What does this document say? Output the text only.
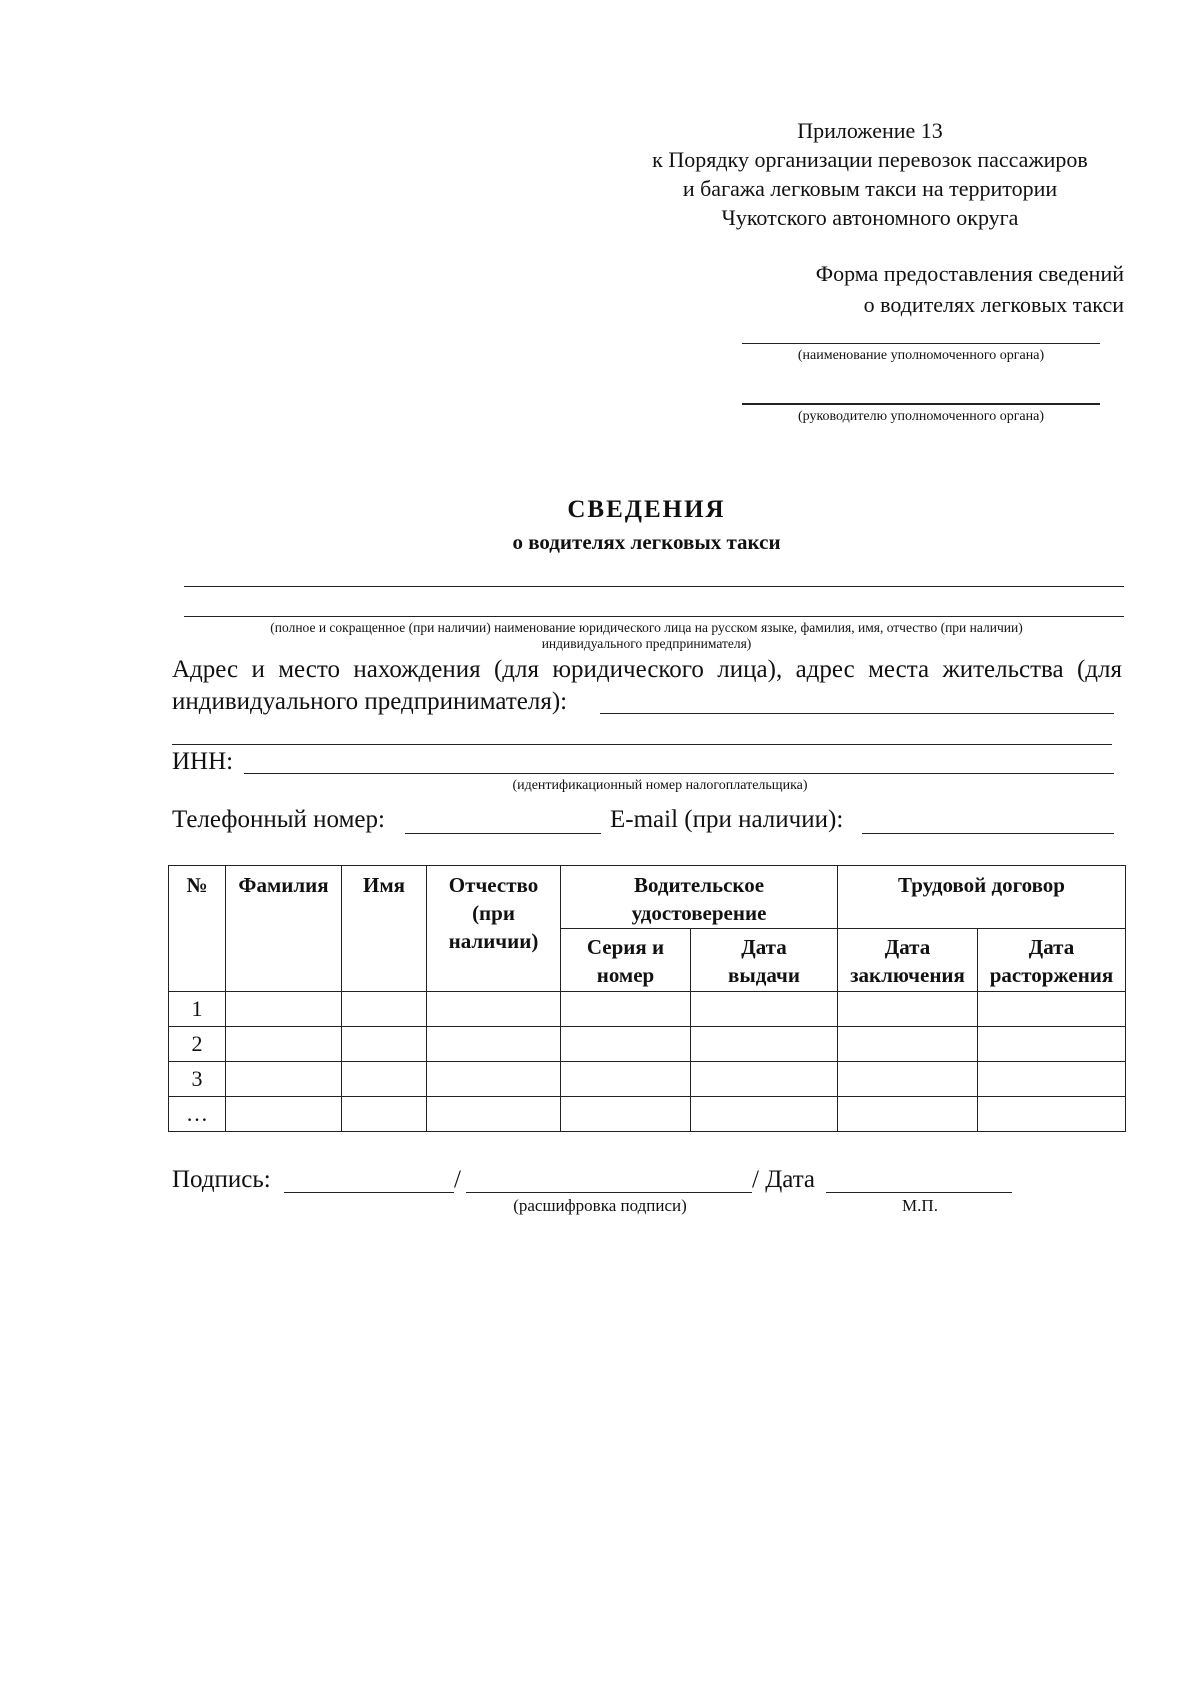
Приложение 13
к Порядку организации перевозок пассажиров
и багажа легковым такси на территории
Чукотского автономного округа
Форма предоставления сведений
о водителях легковых такси
(наименование уполномоченного органа)
(руководителю уполномоченного органа)
СВЕДЕНИЯ
о водителях легковых такси
(полное и сокращенное (при наличии) наименование юридического лица на русском языке, фамилия, имя, отчество (при наличии)
индивидуального предпринимателя)
Адрес и место нахождения (для юридического лица), адрес места жительства (для
индивидуального предпринимателя):
ИНН:
(идентификационный номер налогоплательщика)
Телефонный номер:	E-mail (при наличии):
№	Фамилия	Имя	Отчество (при наличии)	Водительское удостоверение		Трудовой договор	
				Серия и номер	Дата выдачи	Дата заключения	Дата расторжения
1							
2							
3							
…							
Подпись:	/	/ Дата
(расшифровка подписи)	М.П.
